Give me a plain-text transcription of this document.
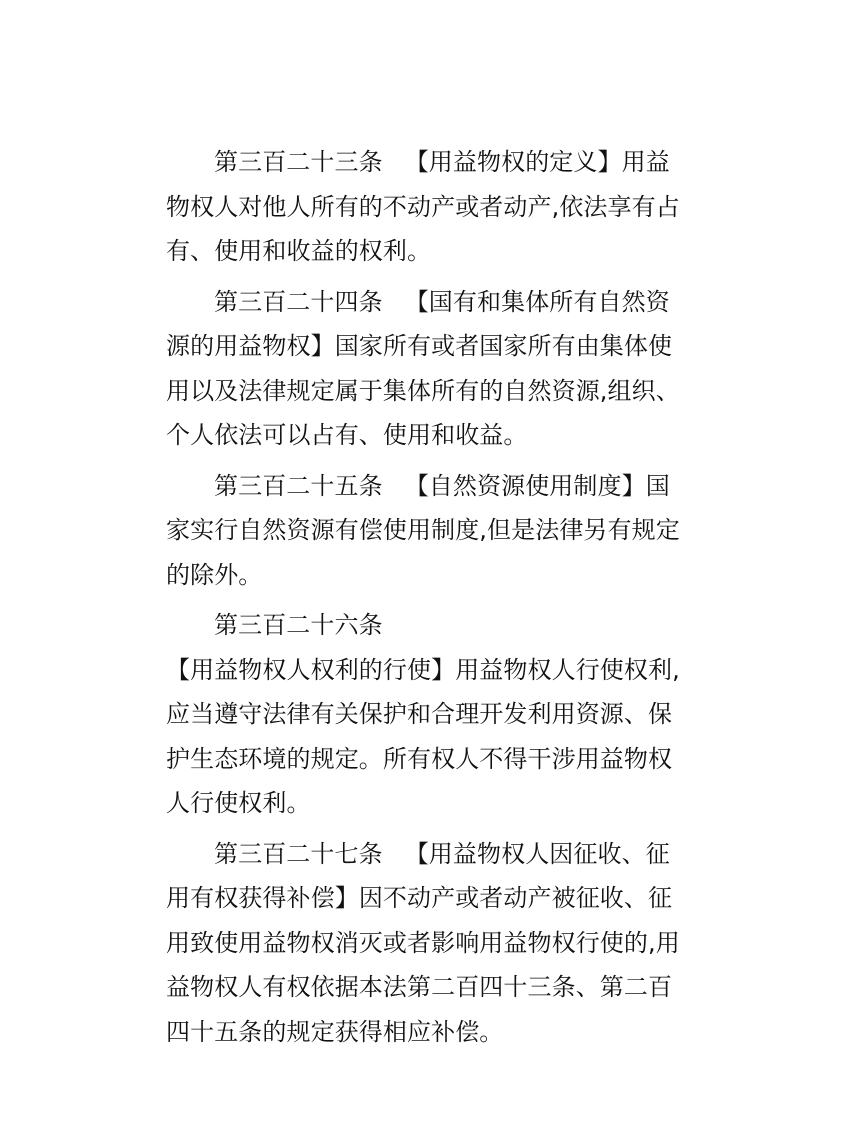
第三百二十三条 【用益物权的定义】用益物权人对他人所有的不动产或者动产,依法享有占有、使用和收益的权利。

第三百二十四条 【国有和集体所有自然资源的用益物权】国家所有或者国家所有由集体使用以及法律规定属于集体所有的自然资源,组织、个人依法可以占有、使用和收益。

第三百二十五条 【自然资源使用制度】国家实行自然资源有偿使用制度,但是法律另有规定的除外。

第三百二十六条【用益物权人权利的行使】用益物权人行使权利,应当遵守法律有关保护和合理开发利用资源、保护生态环境的规定。所有权人不得干涉用益物权人行使权利。

第三百二十七条 【用益物权人因征收、征用有权获得补偿】因不动产或者动产被征收、征用致使用益物权消灭或者影响用益物权行使的,用益物权人有权依据本法第二百四十三条、第二百四十五条的规定获得相应补偿。
